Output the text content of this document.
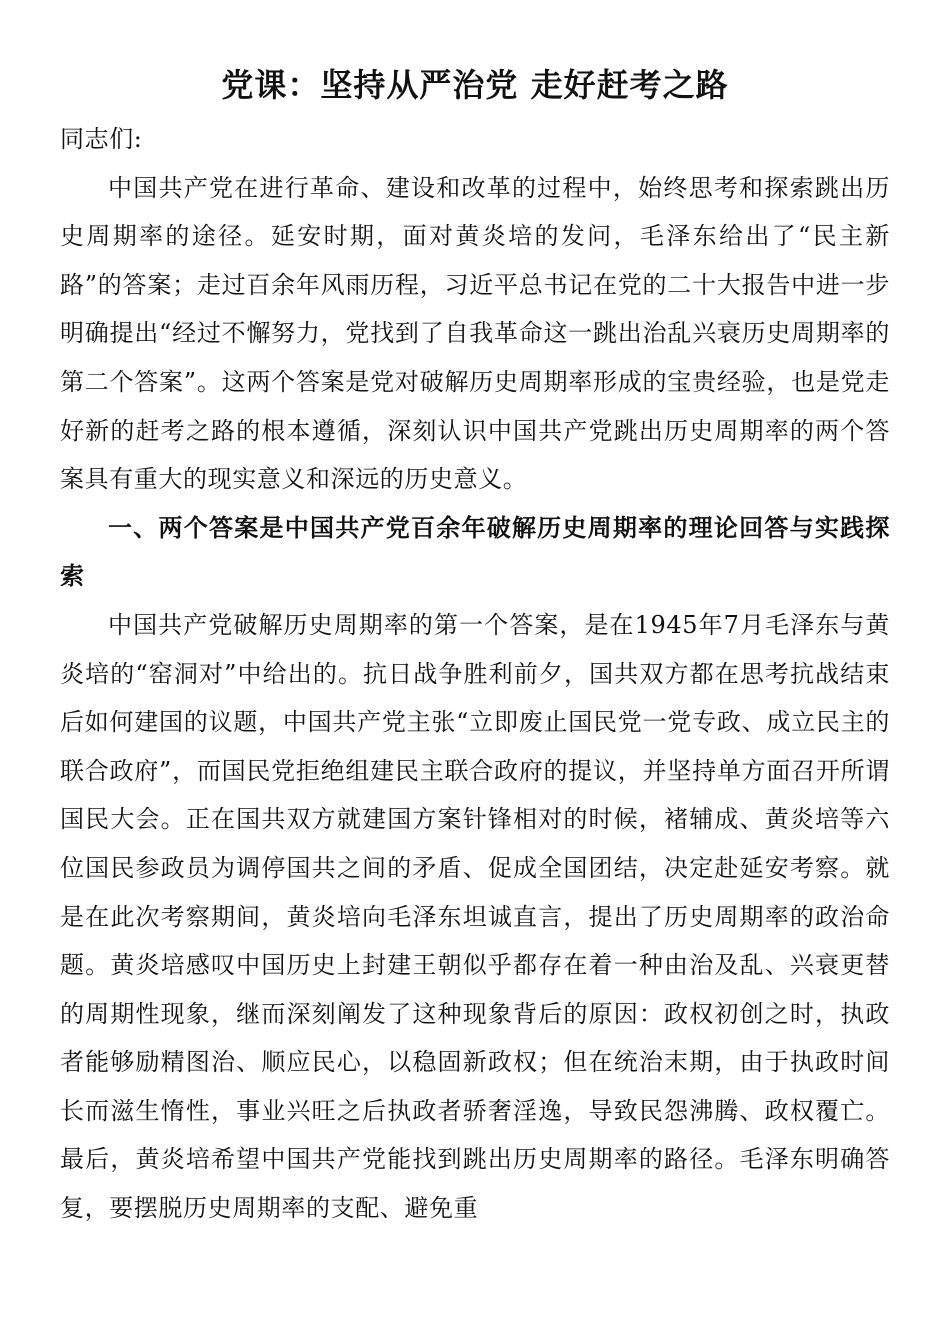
党课：坚持从严治党 走好赶考之路

同志们:

中国共产党在进行革命、建设和改革的过程中，始终思考和探索跳出历史周期率的途径。延安时期，面对黄炎培的发问，毛泽东给出了“民主新路”的答案；走过百余年风雨历程，习近平总书记在党的二十大报告中进一步明确提出“经过不懈努力，党找到了自我革命这一跳出治乱兴衰历史周期率的第二个答案”。这两个答案是党对破解历史周期率形成的宝贵经验，也是党走好新的赶考之路的根本遵循，深刻认识中国共产党跳出历史周期率的两个答案具有重大的现实意义和深远的历史意义。

一、两个答案是中国共产党百余年破解历史周期率的理论回答与实践探索

中国共产党破解历史周期率的第一个答案，是在1945年7月毛泽东与黄炎培的“窑洞对”中给出的。抗日战争胜利前夕，国共双方都在思考抗战结束后如何建国的议题，中国共产党主张“立即废止国民党一党专政、成立民主的联合政府”，而国民党拒绝组建民主联合政府的提议，并坚持单方面召开所谓国民大会。正在国共双方就建国方案针锋相对的时候，褚辅成、黄炎培等六位国民参政员为调停国共之间的矛盾、促成全国团结，决定赴延安考察。就是在此次考察期间，黄炎培向毛泽东坦诚直言，提出了历史周期率的政治命题。黄炎培感叹中国历史上封建王朝似乎都存在着一种由治及乱、兴衰更替的周期性现象，继而深刻阐发了这种现象背后的原因：政权初创之时，执政者能够励精图治、顺应民心，以稳固新政权；但在统治末期，由于执政时间长而滋生惰性，事业兴旺之后执政者骄奢淫逸，导致民怨沸腾、政权覆亡。最后，黄炎培希望中国共产党能找到跳出历史周期率的路径。毛泽东明确答复，要摆脱历史周期率的支配、避免重
